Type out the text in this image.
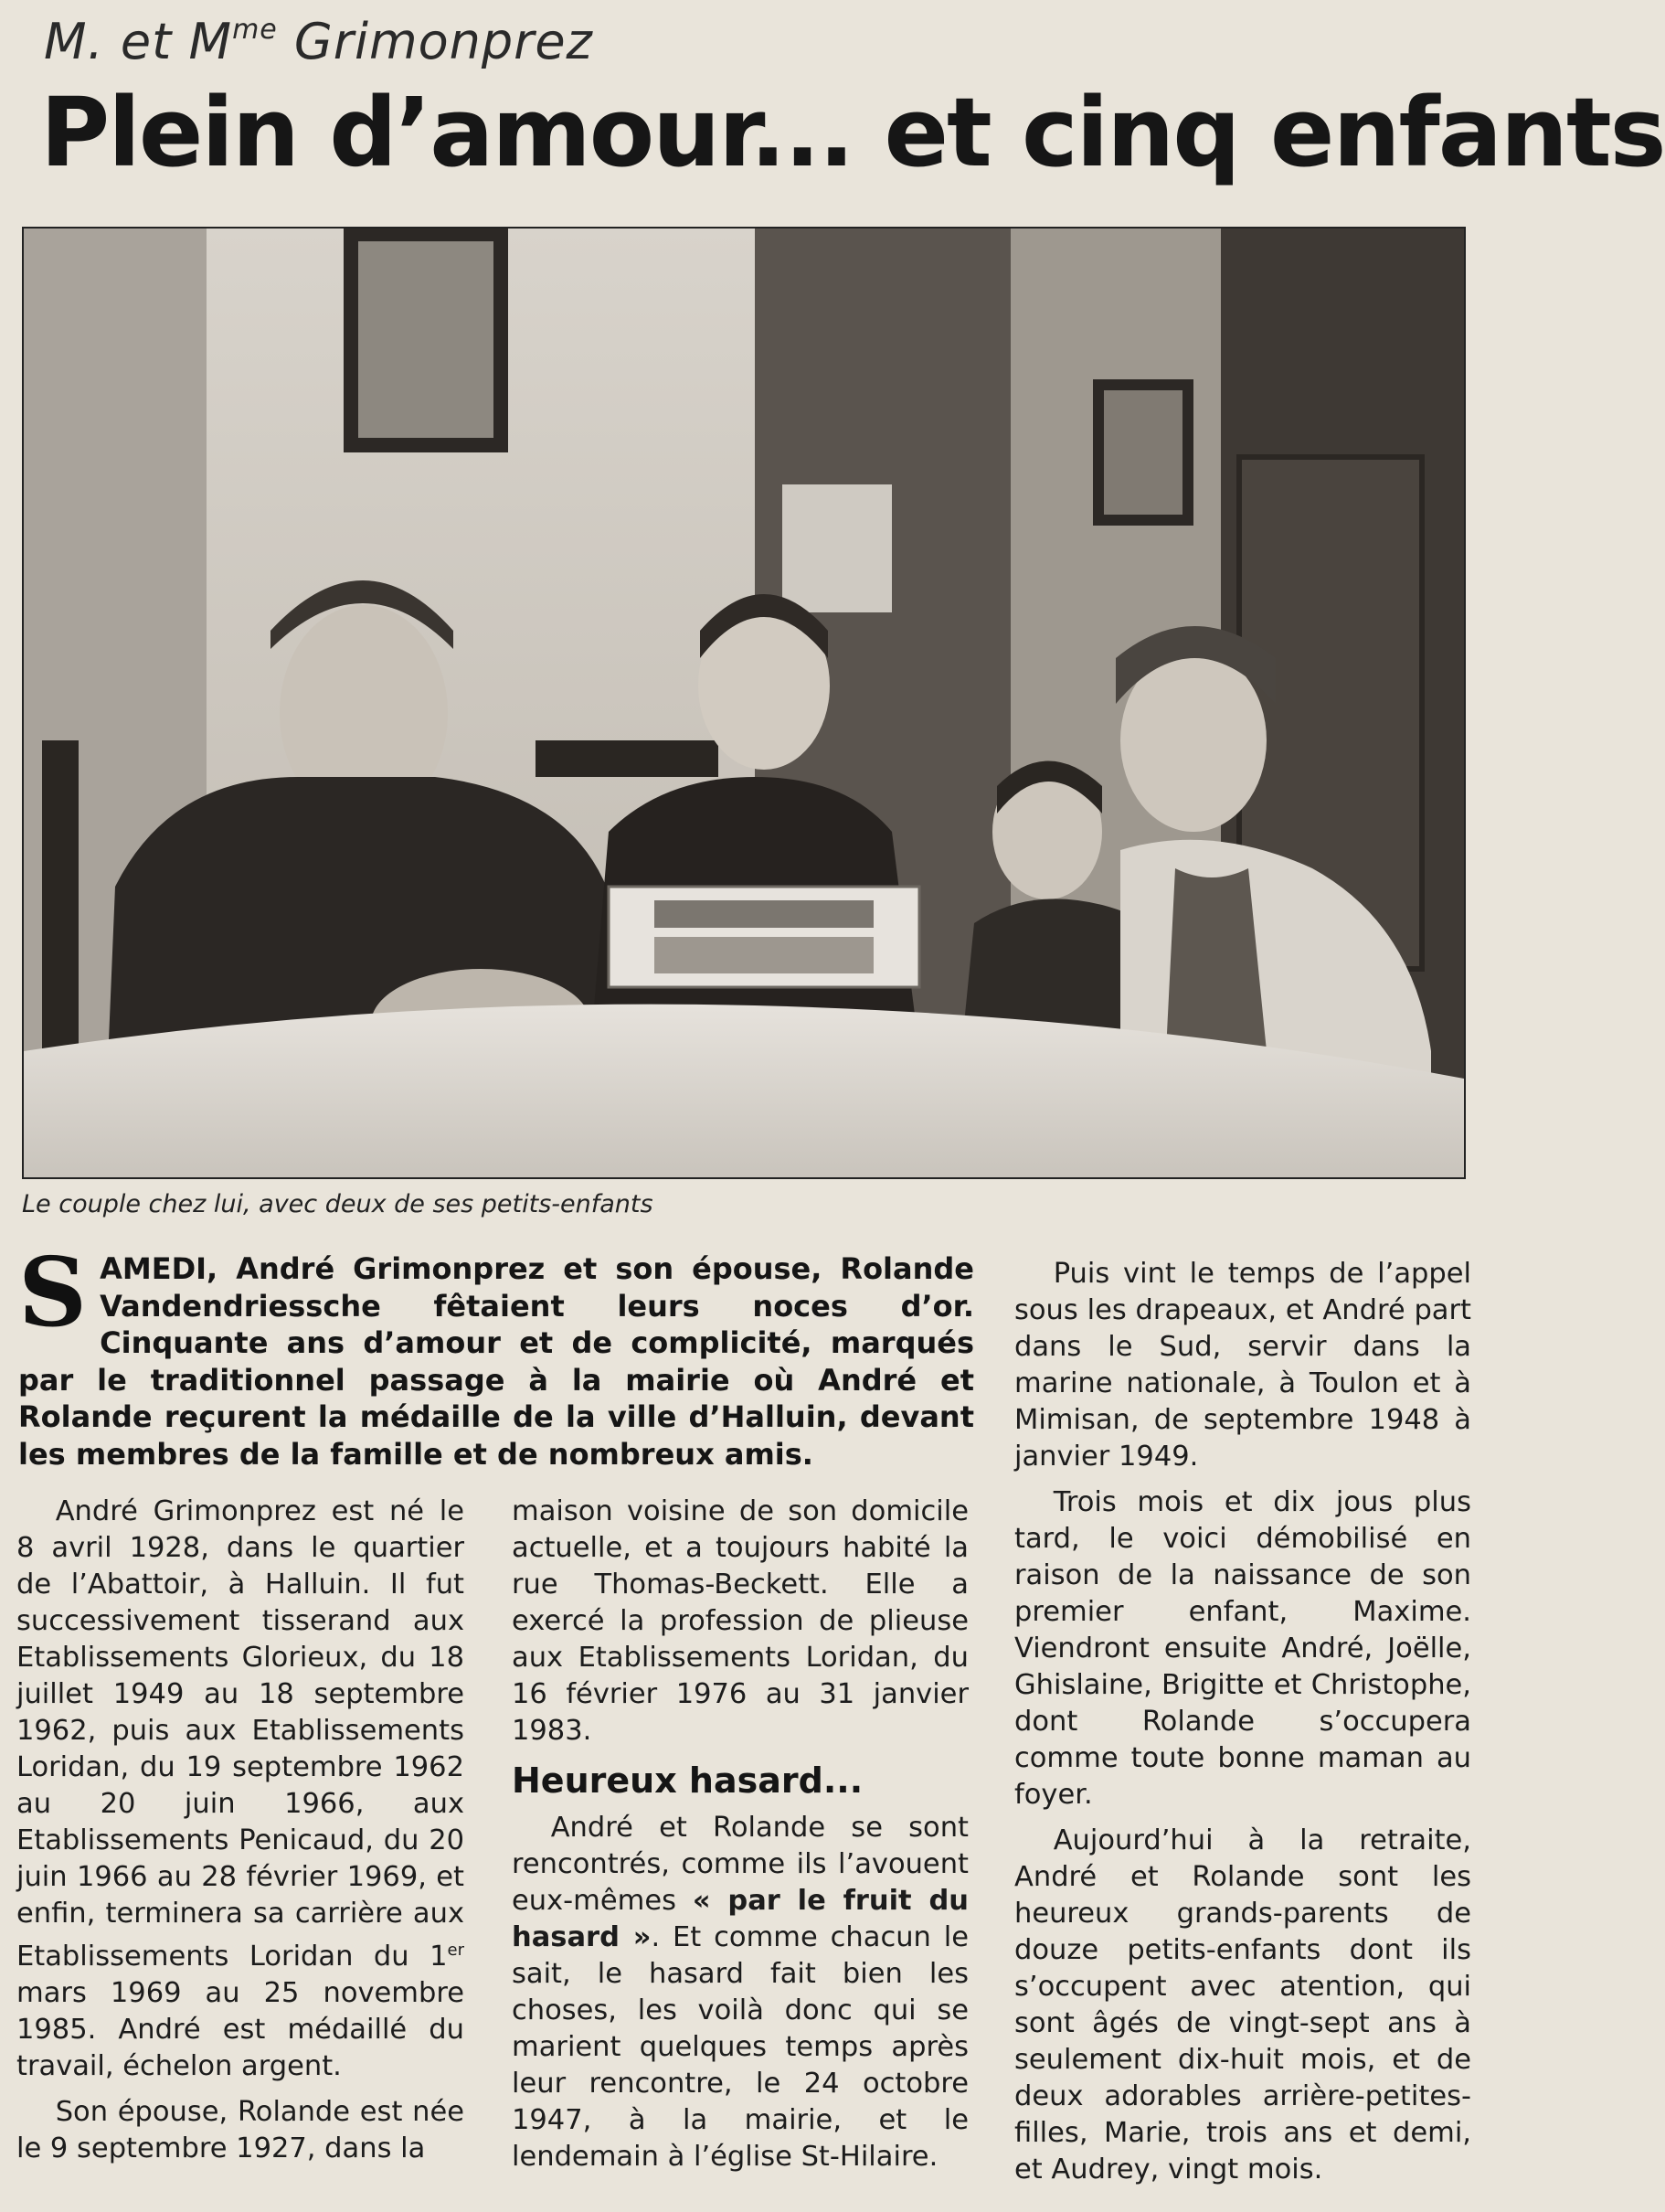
M. et $M^{me}$ Grimonprez
Plein d’amour... et cinq enfants
Le couple chez lui, avec deux de ses petits-enfants
SAMEDI, André Grimonprez et son épouse, Rolande Vandendriessche fêtaient leurs noces d’or. Cinquante ans d’amour et de complicité, marqués par le traditionnel passage à la mairie où André et Rolande reçurent la médaille de la ville d’Halluin, devant les membres de la famille et de nombreux amis.

André Grimonprez est né le 8 avril 1928, dans le quartier de l’Abattoir, à Halluin. Il fut successivement tisserand aux Etablissements Glorieux, du 18 juillet 1949 au 18 septembre 1962, puis aux Etablissements Loridan, du 19 septembre 1962 au 20 juin 1966, aux Etablissements Penicaud, du 20 juin 1966 au 28 février 1969, et enfin, terminera sa carrière aux Etablissements Loridan du 1er mars 1969 au 25 novembre 1985. André est médaillé du travail, échelon argent.

Son épouse, Rolande est née le 9 septembre 1927, dans la

maison voisine de son domicile actuelle, et a toujours habité la rue Thomas-Beckett. Elle a exercé la profession de plieuse aux Etablissements Loridan, du 16 février 1976 au 31 janvier 1983.

Heureux hasard...

André et Rolande se sont rencontrés, comme ils l’avouent eux-mêmes « par le fruit du hasard ». Et comme chacun le sait, le hasard fait bien les choses, les voilà donc qui se marient quelques temps après leur rencontre, le 24 octobre 1947, à la mairie, et le lendemain à l’église St-Hilaire.

Puis vint le temps de l’appel sous les drapeaux, et André part dans le Sud, servir dans la marine nationale, à Toulon et à Mimisan, de septembre 1948 à janvier 1949.

Trois mois et dix jous plus tard, le voici démobilisé en raison de la naissance de son premier enfant, Maxime. Viendront ensuite André, Joëlle, Ghislaine, Brigitte et Christophe, dont Rolande s’occupera comme toute bonne maman au foyer.

Aujourd’hui à la retraite, André et Rolande sont les heureux grands-parents de douze petits-enfants dont ils s’occupent avec atention, qui sont âgés de vingt-sept ans à seulement dix-huit mois, et de deux adorables arrière-petites-filles, Marie, trois ans et demi, et Audrey, vingt mois.
